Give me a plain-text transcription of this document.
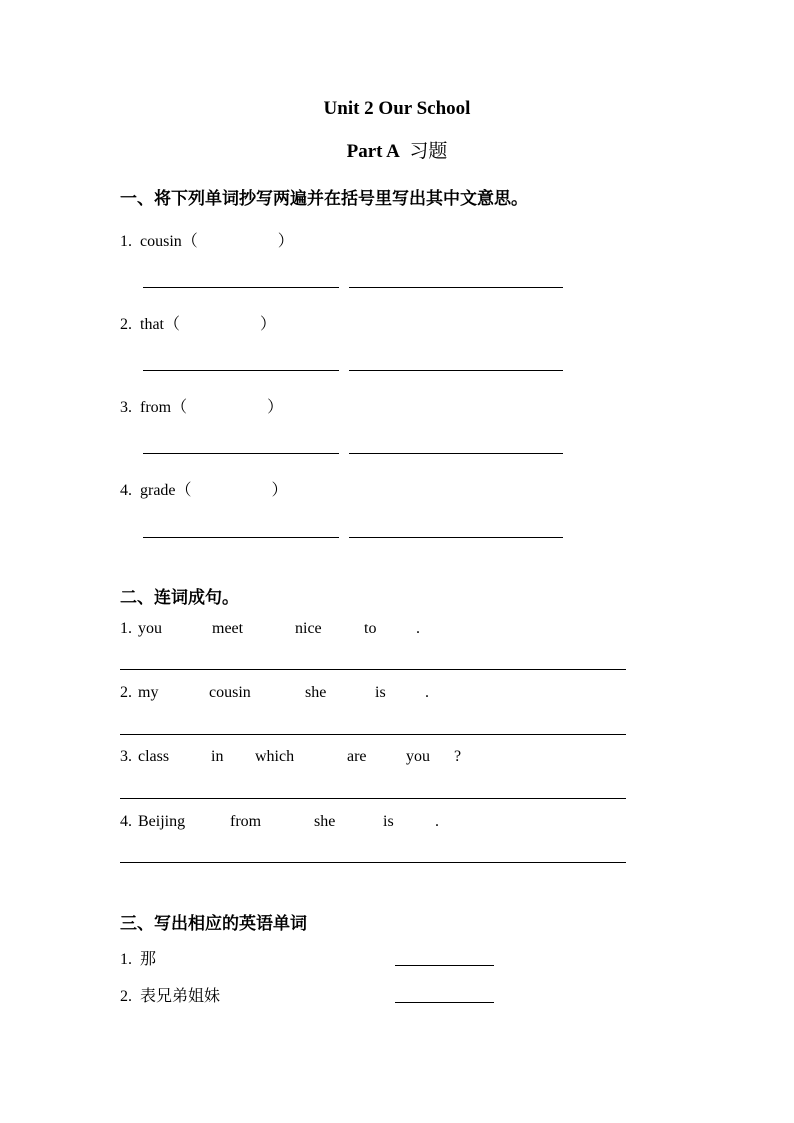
Unit 2 Our School
Part A 习题
一、将下列单词抄写两遍并在括号里写出其中文意思。
1. cousin（	）
2. that（	）
3. from（	）
4. grade（	）
二、连词成句。
1. you	meet	nice	to .
2. my	cousin	she	is .
3. class	in which	are you ?
4. Beijing	from	she	is	.
三、写出相应的英语单词
1. 那
2. 表兄弟姐妹
